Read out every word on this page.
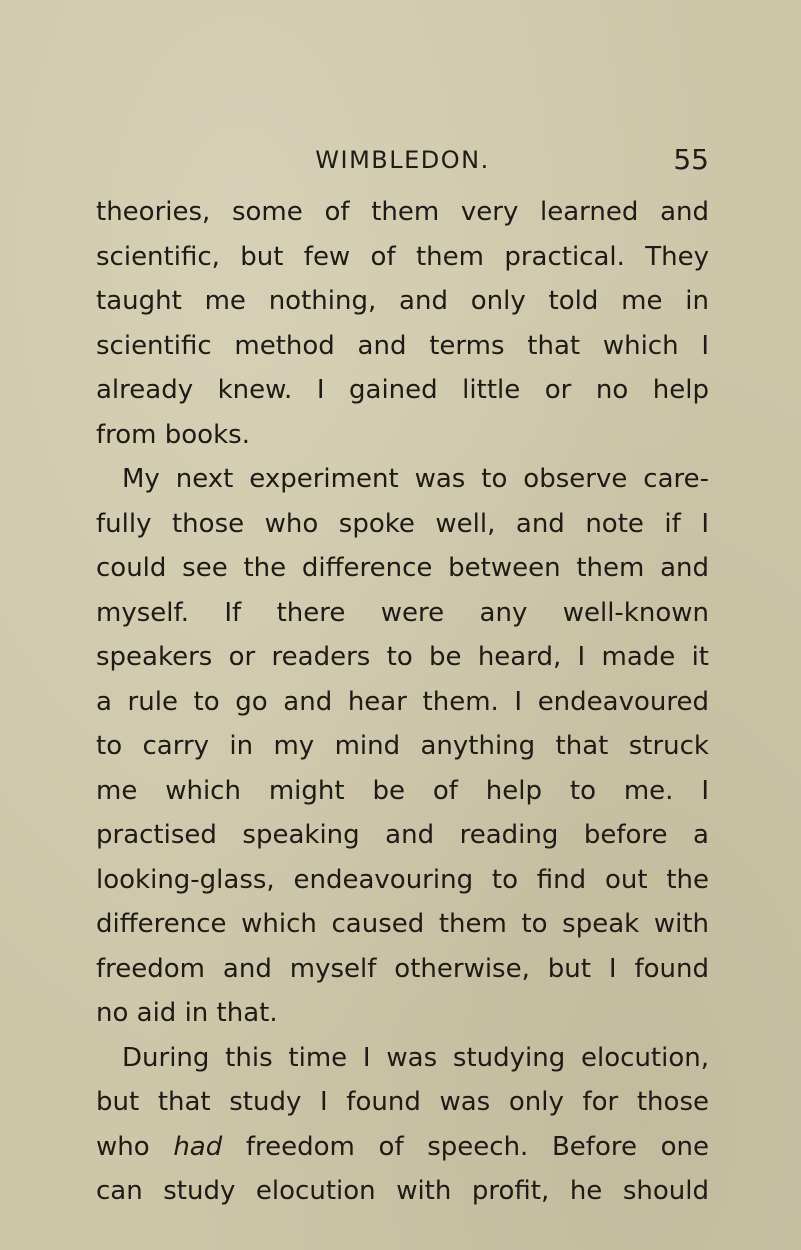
WIMBLEDON.	55
theories, some of them very learned and
scientific, but few of them practical. They
taught me nothing, and only told me in
scientific method and terms that which I
already knew. I gained little or no help
from books.
My next experiment was to observe care-
fully those who spoke well, and note if I
could see the difference between them and
myself. If there were any well-known
speakers or readers to be heard, I made it
a rule to go and hear them. I endeavoured
to carry in my mind anything that struck
me which might be of help to me. I
practised speaking and reading before a
looking-glass, endeavouring to find out the
difference which caused them to speak with
freedom and myself otherwise, but I found
no aid in that.
During this time I was studying elocution,
but that study I found was only for those
who had freedom of speech. Before one
can study elocution with profit, he should
